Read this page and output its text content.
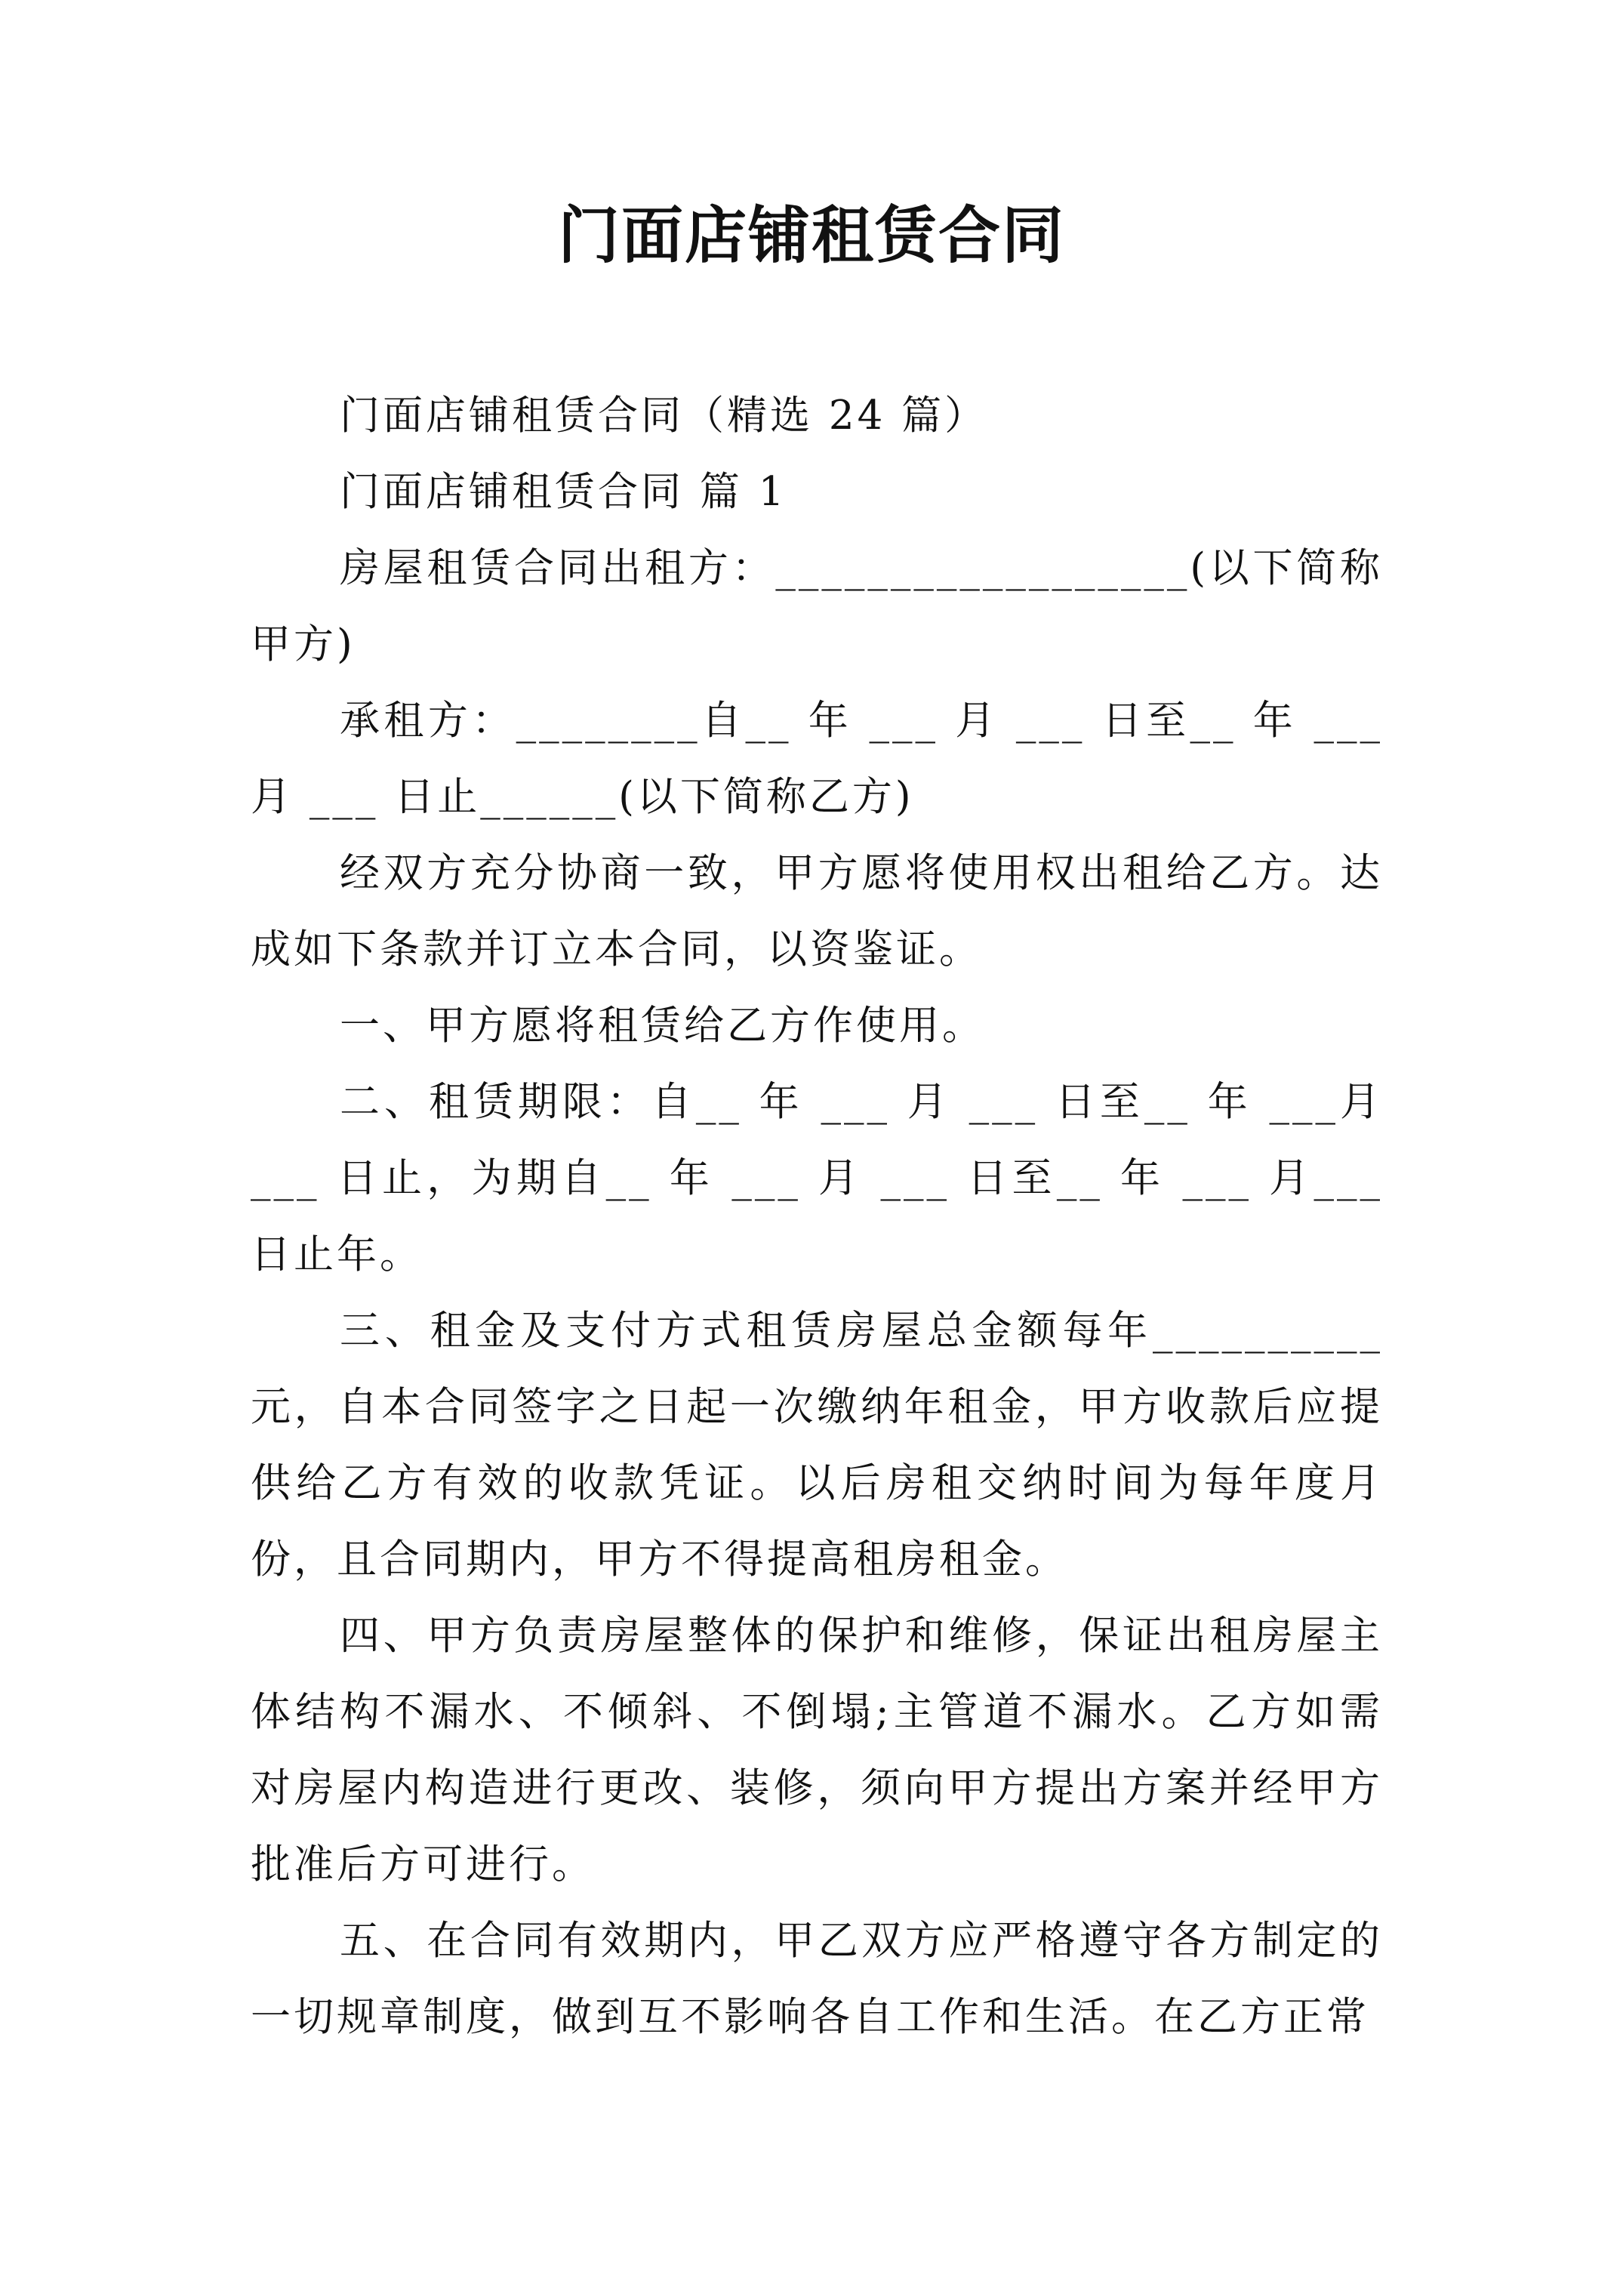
门面店铺租赁合同

门面店铺租赁合同（精选 24 篇）

门面店铺租赁合同 篇 1

房屋租赁合同出租方：__________________(以下简称甲方)

承租方：________自__ 年 ___ 月 ___ 日至__ 年 ___月 ___ 日止______(以下简称乙方)

经双方充分协商一致，甲方愿将使用权出租给乙方。达成如下条款并订立本合同，以资鉴证。

一、甲方愿将租赁给乙方作使用。

二、租赁期限：自__ 年 ___ 月 ___ 日至__ 年 ___月 ___ 日止，为期自__ 年 ___ 月 ___ 日至__ 年 ___ 月___ 日止年。

三、租金及支付方式租赁房屋总金额每年__________元，自本合同签字之日起一次缴纳年租金，甲方收款后应提供给乙方有效的收款凭证。以后房租交纳时间为每年度月份，且合同期内，甲方不得提高租房租金。

四、甲方负责房屋整体的保护和维修，保证出租房屋主体结构不漏水、不倾斜、不倒塌;主管道不漏水。乙方如需对房屋内构造进行更改、装修，须向甲方提出方案并经甲方批准后方可进行。

五、在合同有效期内，甲乙双方应严格遵守各方制定的一切规章制度，做到互不影响各自工作和生活。在乙方正常
